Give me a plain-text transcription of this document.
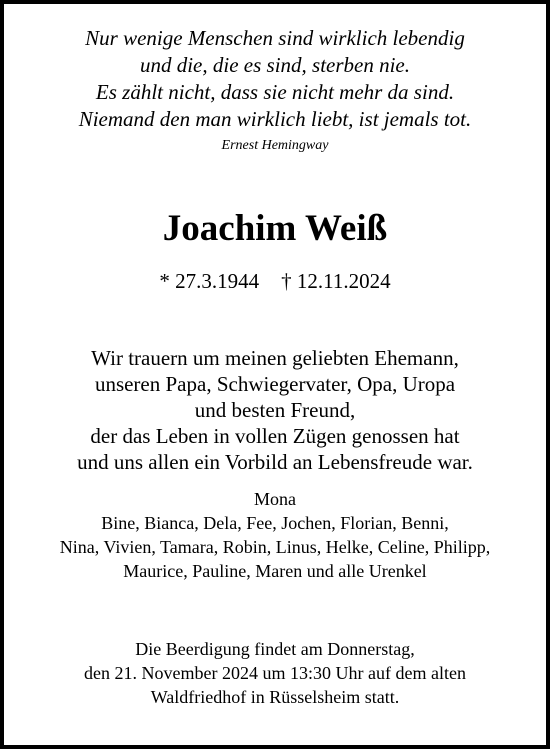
Nur wenige Menschen sind wirklich lebendig
und die, die es sind, sterben nie.
Es zählt nicht, dass sie nicht mehr da sind.
Niemand den man wirklich liebt, ist jemals tot.
Ernest Hemingway
Joachim Weiß
* 27.3.1944 † 12.11.2024
Wir trauern um meinen geliebten Ehemann,
unseren Papa, Schwiegervater, Opa, Uropa
und besten Freund,
der das Leben in vollen Zügen genossen hat
und uns allen ein Vorbild an Lebensfreude war.
Mona
Bine, Bianca, Dela, Fee, Jochen, Florian, Benni,
Nina, Vivien, Tamara, Robin, Linus, Helke, Celine, Philipp,
Maurice, Pauline, Maren und alle Urenkel
Die Beerdigung findet am Donnerstag,
den 21. November 2024 um 13:30 Uhr auf dem alten
Waldfriedhof in Rüsselsheim statt.
